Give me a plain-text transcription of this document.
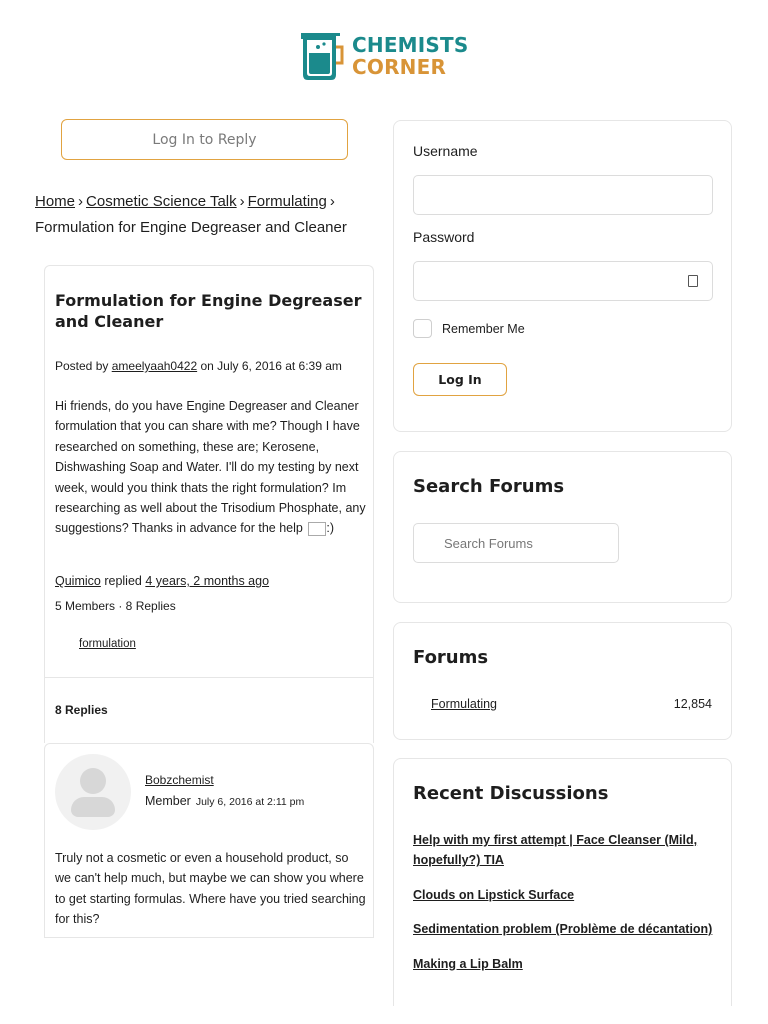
CHEMISTS
CORNER
Log In to Reply
Home › Cosmetic Science Talk › Formulating ›
Formulation for Engine Degreaser and Cleaner
Formulation for Engine Degreaser and Cleaner
Posted by ameelyaah0422 on July 6, 2016 at 6:39 am

Hi friends, do you have Engine Degreaser and Cleaner formulation that you can share with me? Though I have researched on something, these are; Kerosene, Dishwashing Soap and Water. I'll do my testing by next week, would you think thats the right formulation? Im researching as well about the Trisodium Phosphate, any suggestions? Thanks in advance for the help :)

Quimico replied 4 years, 2 months ago
5 Members · 8 Replies
formulation
8 Replies
Bobzchemist
Member July 6, 2016 at 2:11 pm

Truly not a cosmetic or even a household product, so we can't help much, but maybe we can show you where to get starting formulas. Where have you tried searching for this?

Username
Password
Remember Me
Log In
Search Forums
Search Forums
Forums
Formulating	12,854
Recent Discussions
Help with my first attempt | Face Cleanser (Mild, hopefully?) TIA
Clouds on Lipstick Surface
Sedimentation problem (Problème de décantation)
Making a Lip Balm
